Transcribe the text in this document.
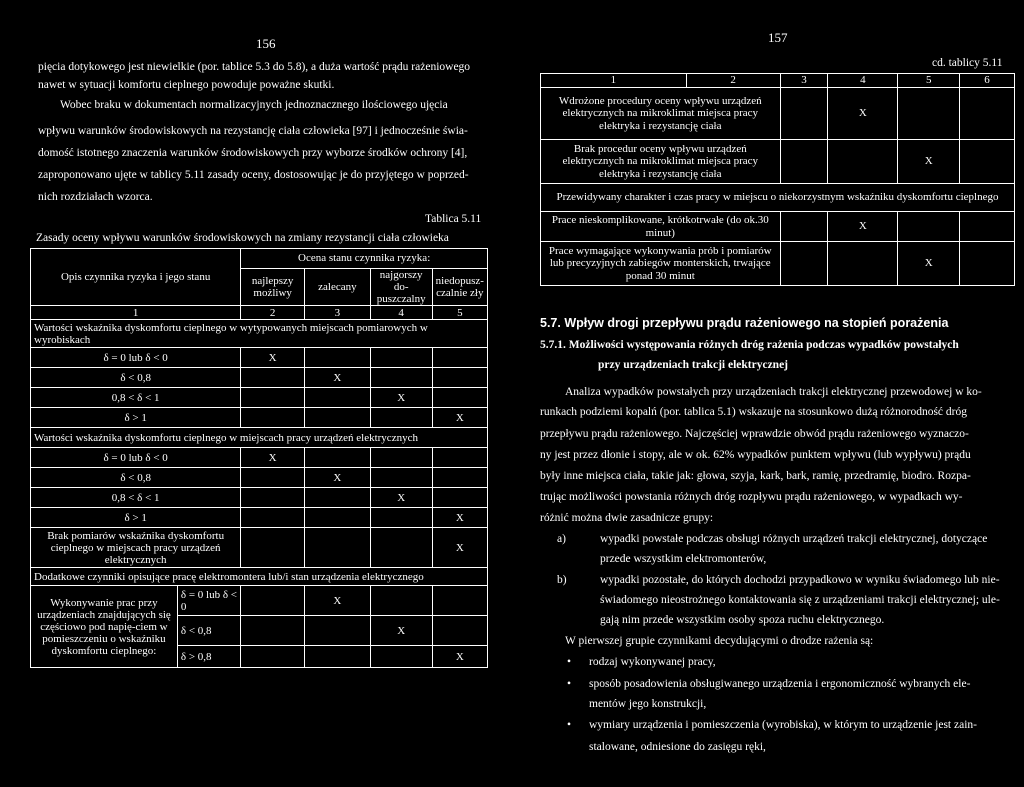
156
pięcia dotykowego jest niewielkie (por. tablice 5.3 do 5.8), a duża wartość prądu rażeniowego
nawet w sytuacji komfortu cieplnego powoduje poważne skutki.
Wobec braku w dokumentach normalizacyjnych jednoznacznego ilościowego ujęcia
wpływu warunków środowiskowych na rezystancję ciała człowieka [97] i jednocześnie świa-
domość istotnego znaczenia warunków środowiskowych przy wyborze środków ochrony [4],
zaproponowano ujęte w tablicy 5.11 zasady oceny, dostosowując je do przyjętego w poprzed-
nich rozdziałach wzorca.
Tablica 5.11
Zasady oceny wpływu warunków środowiskowych na zmiany rezystancji ciała człowieka
Opis czynnika ryzyka i jego stanu		Ocena stanu czynnika ryzyka:			
		najlepszy możliwy	zalecany	najgorszy do-puszczalny	niedopusz-czalnie zły
1		2	3	4	5
Wartości wskaźnika dyskomfortu cieplnego w wytypowanych miejscach pomiarowych w wyrobiskach					
δ = 0 lub δ < 0		X			
δ < 0,8			X		
0,8 < δ < 1				X	
δ > 1					X
Wartości wskaźnika dyskomfortu cieplnego w miejscach pracy urządzeń elektrycznych					
δ = 0 lub δ < 0		X			
δ < 0,8			X		
0,8 < δ < 1				X	
δ > 1					X
Brak pomiarów wskaźnika dyskomfortu cieplnego w miejscach pracy urządzeń elektrycznych					X
Dodatkowe czynniki opisujące pracę elektromontera lub/i stan urządzenia elektrycznego					
Wykonywanie prac przy urządzeniach znajdujących się częściowo pod napię-ciem w pomieszczeniu o wskaźniku dyskomfortu cieplnego:	δ = 0 lub δ < 0		X		
	δ < 0,8			X	
	δ > 0,8				X
157
cd. tablicy 5.11
1	2	3	4	5	6
Wdrożone procedury oceny wpływu urządzeń elektrycznych na mikroklimat miejsca pracy elektryka i rezystancję ciała			X		
Brak procedur oceny wpływu urządzeń elektrycznych na mikroklimat miejsca pracy elektryka i rezystancję ciała				X	
Przewidywany charakter i czas pracy w miejscu o niekorzystnym wskaźniku dyskomfortu cieplnego					
Prace nieskomplikowane, krótkotrwałe (do ok.30 minut)			X		
Prace wymagające wykonywania prób i pomiarów lub precyzyjnych zabiegów monterskich, trwające ponad 30 minut				X	
5.7. Wpływ drogi przepływu prądu rażeniowego na stopień porażenia
5.7.1. Możliwości występowania różnych dróg rażenia podczas wypadków powstałych
przy urządzeniach trakcji elektrycznej
Analiza wypadków powstałych przy urządzeniach trakcji elektrycznej przewodowej w ko-
runkach podziemi kopalń (por. tablica 5.1) wskazuje na stosunkowo dużą różnorodność dróg
przepływu prądu rażeniowego. Najczęściej wprawdzie obwód prądu rażeniowego wyznaczo-
ny jest przez dłonie i stopy, ale w ok. 62% wypadków punktem wpływu (lub wypływu) prądu
były inne miejsca ciała, takie jak: głowa, szyja, kark, bark, ramię, przedramię, biodro. Rozpa-
trując możliwości powstania różnych dróg rozpływu prądu rażeniowego, w wypadkach wy-
różnić można dwie zasadnicze grupy:
a)	wypadki powstałe podczas obsługi różnych urządzeń trakcji elektrycznej, dotyczące
przede wszystkim elektromonterów,
b)	wypadki pozostałe, do których dochodzi przypadkowo w wyniku świadomego lub nie-
świadomego nieostrożnego kontaktowania się z urządzeniami trakcji elektrycznej; ule-
gają nim przede wszystkim osoby spoza ruchu elektrycznego.
W pierwszej grupie czynnikami decydującymi o drodze rażenia są:
• rodzaj wykonywanej pracy,
• sposób posadowienia obsługiwanego urządzenia i ergonomiczność wybranych ele-
mentów jego konstrukcji,
• wymiary urządzenia i pomieszczenia (wyrobiska), w którym to urządzenie jest zain-
stalowane, odniesione do zasięgu ręki,
